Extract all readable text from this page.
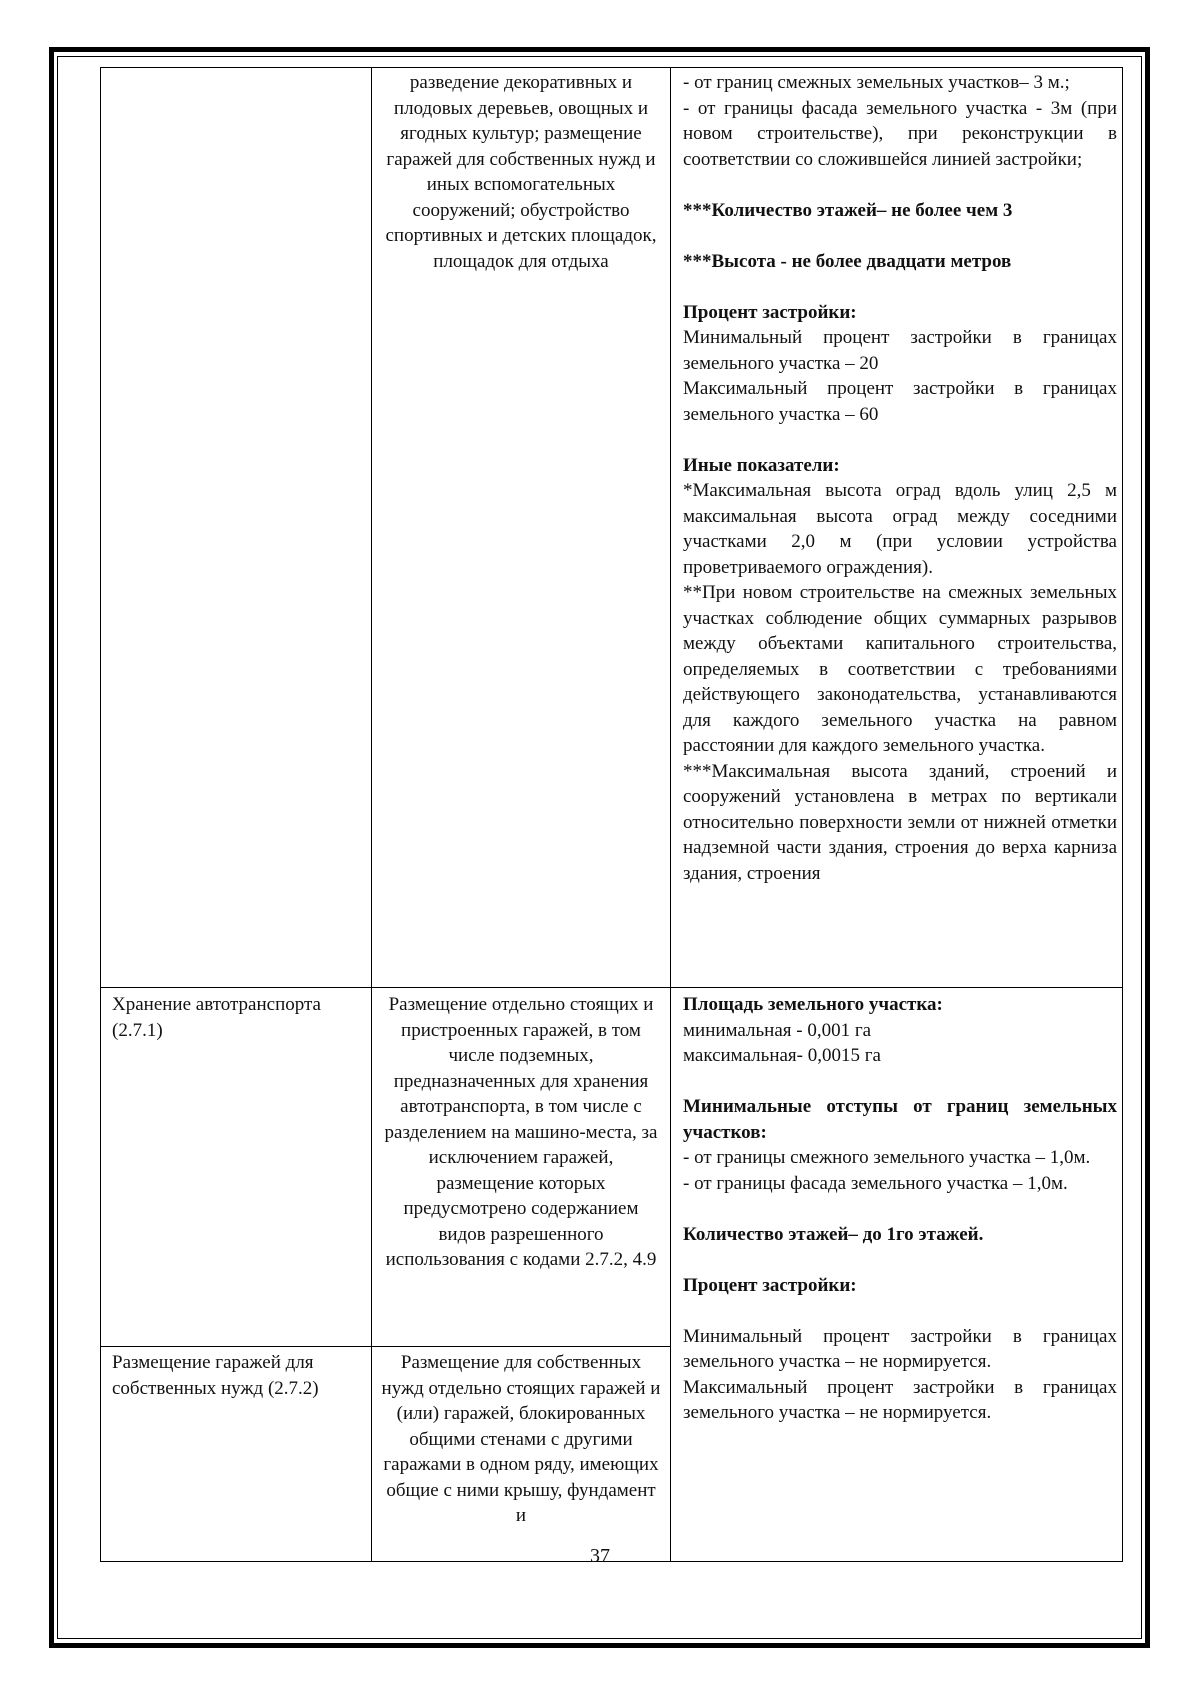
разведение декоративных и плодовых деревьев, овощных и ягодных культур; размещение гаражей для собственных нужд и иных вспомогательных сооружений; обустройство спортивных и детских площадок, площадок для отдыха

- от границ смежных земельных участков– 3 м.;

- от границы фасада земельного участка - 3м (при новом строительстве), при реконструкции в соответствии со сложившейся линией застройки;

***Количество этажей– не более чем 3

***Высота - не более двадцати метров

Процент застройки:

Минимальный процент застройки в границах земельного участка – 20

Максимальный процент застройки в границах земельного участка – 60

Иные показатели:

*Максимальная высота оград вдоль улиц 2,5 м максимальная высота оград между соседними участками 2,0 м (при условии устройства проветриваемого ограждения).

**При новом строительстве на смежных земельных участках соблюдение общих суммарных разрывов между объектами капитального строительства, определяемых в соответствии с требованиями действующего законодательства, устанавливаются для каждого земельного участка на равном расстоянии для каждого земельного участка.

***Максимальная высота зданий, строений и сооружений установлена в метрах по вертикали относительно поверхности земли от нижней отметки надземной части здания, строения до верха карниза здания, строения

Хранение автотранспорта (2.7.1)

Размещение отдельно стоящих и пристроенных гаражей, в том числе подземных, предназначенных для хранения автотранспорта, в том числе с разделением на машино-места, за исключением гаражей, размещение которых предусмотрено содержанием видов разрешенного использования с кодами 2.7.2, 4.9

Размещение гаражей для собственных нужд (2.7.2)

Размещение для собственных нужд отдельно стоящих гаражей и (или) гаражей, блокированных общими стенами с другими гаражами в одном ряду, имеющих общие с ними крышу, фундамент и

Площадь земельного участка:

минимальная - 0,001 га

максимальная- 0,0015 га

Минимальные отступы от границ земельных участков:

- от границы смежного земельного участка – 1,0м.

- от границы фасада земельного участка – 1,0м.

Количество этажей– до 1го этажей.

Процент застройки:

Минимальный процент застройки в границах земельного участка – не нормируется.

Максимальный процент застройки в границах земельного участка – не нормируется.

37
